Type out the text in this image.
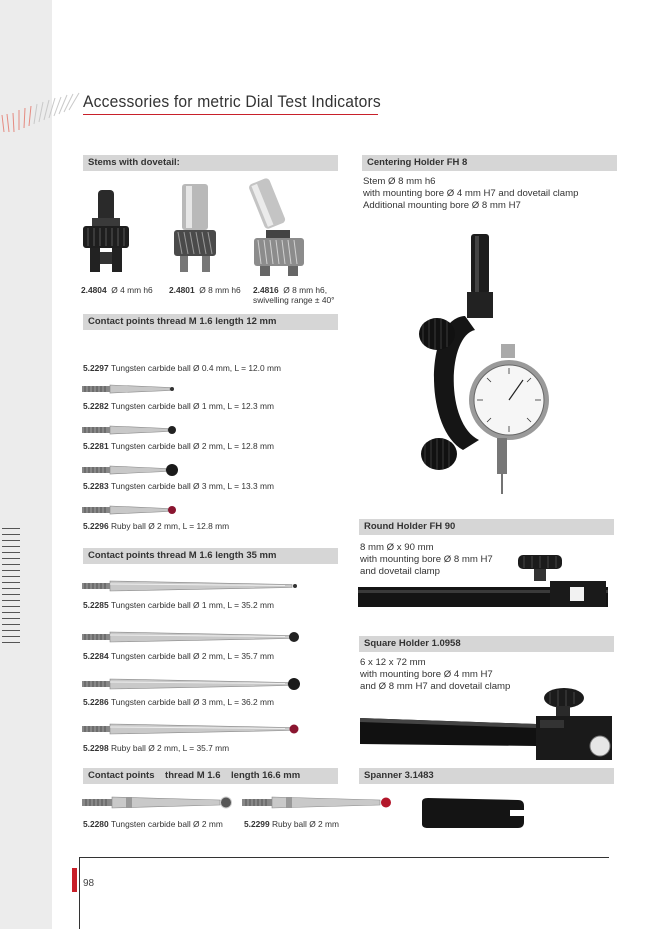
Accessories for metric Dial Test Indicators
Stems with dovetail:
2.4804 Ø 4 mm h6 2.4801 Ø 8 mm h6 2.4816 Ø 8 mm h6,
swivelling range ± 40°
Contact points thread M 1.6 length 12 mm
5.2297 Tungsten carbide ball Ø 0.4 mm, L = 12.0 mm
5.2282 Tungsten carbide ball Ø 1 mm, L = 12.3 mm
5.2281 Tungsten carbide ball Ø 2 mm, L = 12.8 mm
5.2283 Tungsten carbide ball Ø 3 mm, L = 13.3 mm
5.2296 Ruby ball Ø 2 mm, L = 12.8 mm
Contact points thread M 1.6 length 35 mm
5.2285 Tungsten carbide ball Ø 1 mm, L = 35.2 mm
5.2284 Tungsten carbide ball Ø 2 mm, L = 35.7 mm
5.2286 Tungsten carbide ball Ø 3 mm, L = 36.2 mm
5.2298 Ruby ball Ø 2 mm, L = 35.7 mm
Contact points    thread M 1.6    length 16.6 mm
5.2280 Tungsten carbide ball Ø 2 mm	5.2299 Ruby ball Ø 2 mm
Centering Holder FH 8
Stem Ø 8 mm h6
with mounting bore Ø 4 mm H7 and dovetail clamp
Additional mounting bore Ø 8 mm H7
Round Holder FH 90
8 mm Ø x 90 mm
with mounting bore Ø 8 mm H7
and dovetail clamp
Square Holder 1.0958
6 x 12 x 72 mm
with mounting bore Ø 4 mm H7
and Ø 8 mm H7 and dovetail clamp
Spanner 3.1483
98
